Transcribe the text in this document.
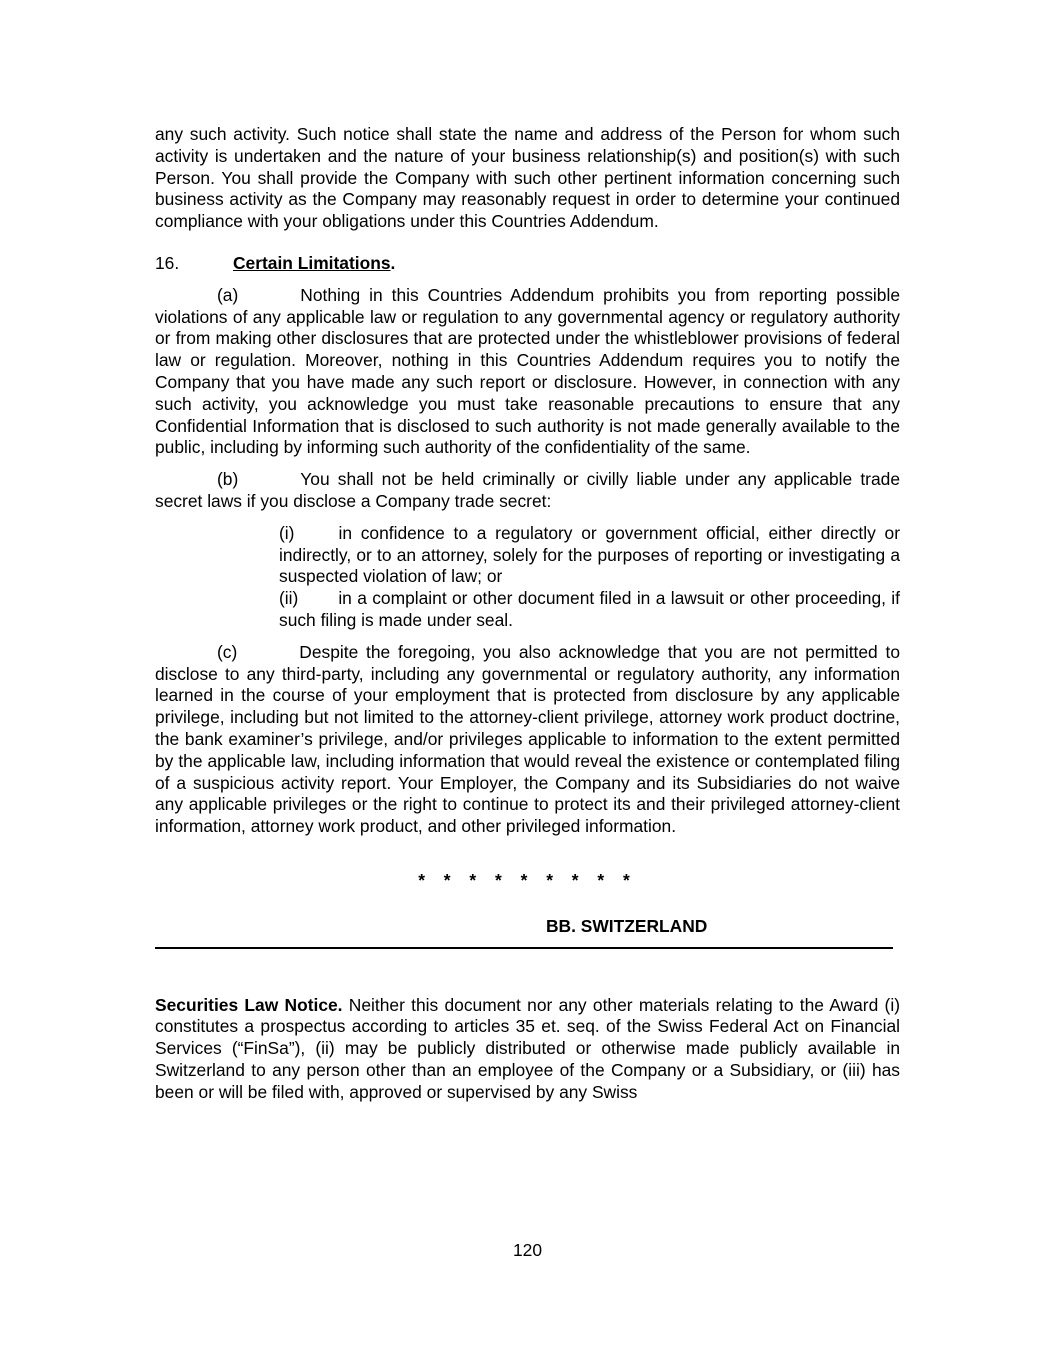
any such activity. Such notice shall state the name and address of the Person for whom such activity is undertaken and the nature of your business relationship(s) and position(s) with such Person. You shall provide the Company with such other pertinent information concerning such business activity as the Company may reasonably request in order to determine your continued compliance with your obligations under this Countries Addendum.

16.	Certain Limitations.

(a)	Nothing in this Countries Addendum prohibits you from reporting possible violations of any applicable law or regulation to any governmental agency or regulatory authority or from making other disclosures that are protected under the whistleblower provisions of federal law or regulation. Moreover, nothing in this Countries Addendum requires you to notify the Company that you have made any such report or disclosure. However, in connection with any such activity, you acknowledge you must take reasonable precautions to ensure that any Confidential Information that is disclosed to such authority is not made generally available to the public, including by informing such authority of the confidentiality of the same.

(b)	You shall not be held criminally or civilly liable under any applicable trade secret laws if you disclose a Company trade secret:

(i)	in confidence to a regulatory or government official, either directly or indirectly, or to an attorney, solely for the purposes of reporting or investigating a suspected violation of law; or

(ii) in a complaint or other document filed in a lawsuit or other proceeding, if such filing is made under seal.

(c)	Despite the foregoing, you also acknowledge that you are not permitted to disclose to any third-party, including any governmental or regulatory authority, any information learned in the course of your employment that is protected from disclosure by any applicable privilege, including but not limited to the attorney-client privilege, attorney work product doctrine, the bank examiner’s privilege, and/or privileges applicable to information to the extent permitted by the applicable law, including information that would reveal the existence or contemplated filing of a suspicious activity report. Your Employer, the Company and its Subsidiaries do not waive any applicable privileges or the right to continue to protect its and their privileged attorney-client information, attorney work product, and other privileged information.

* * * * * * * * *
BB. SWITZERLAND

Securities Law Notice. Neither this document nor any other materials relating to the Award (i) constitutes a prospectus according to articles 35 et. seq. of the Swiss Federal Act on Financial Services (“FinSa”), (ii) may be publicly distributed or otherwise made publicly available in Switzerland to any person other than an employee of the Company or a Subsidiary, or (iii) has been or will be filed with, approved or supervised by any Swiss

120
